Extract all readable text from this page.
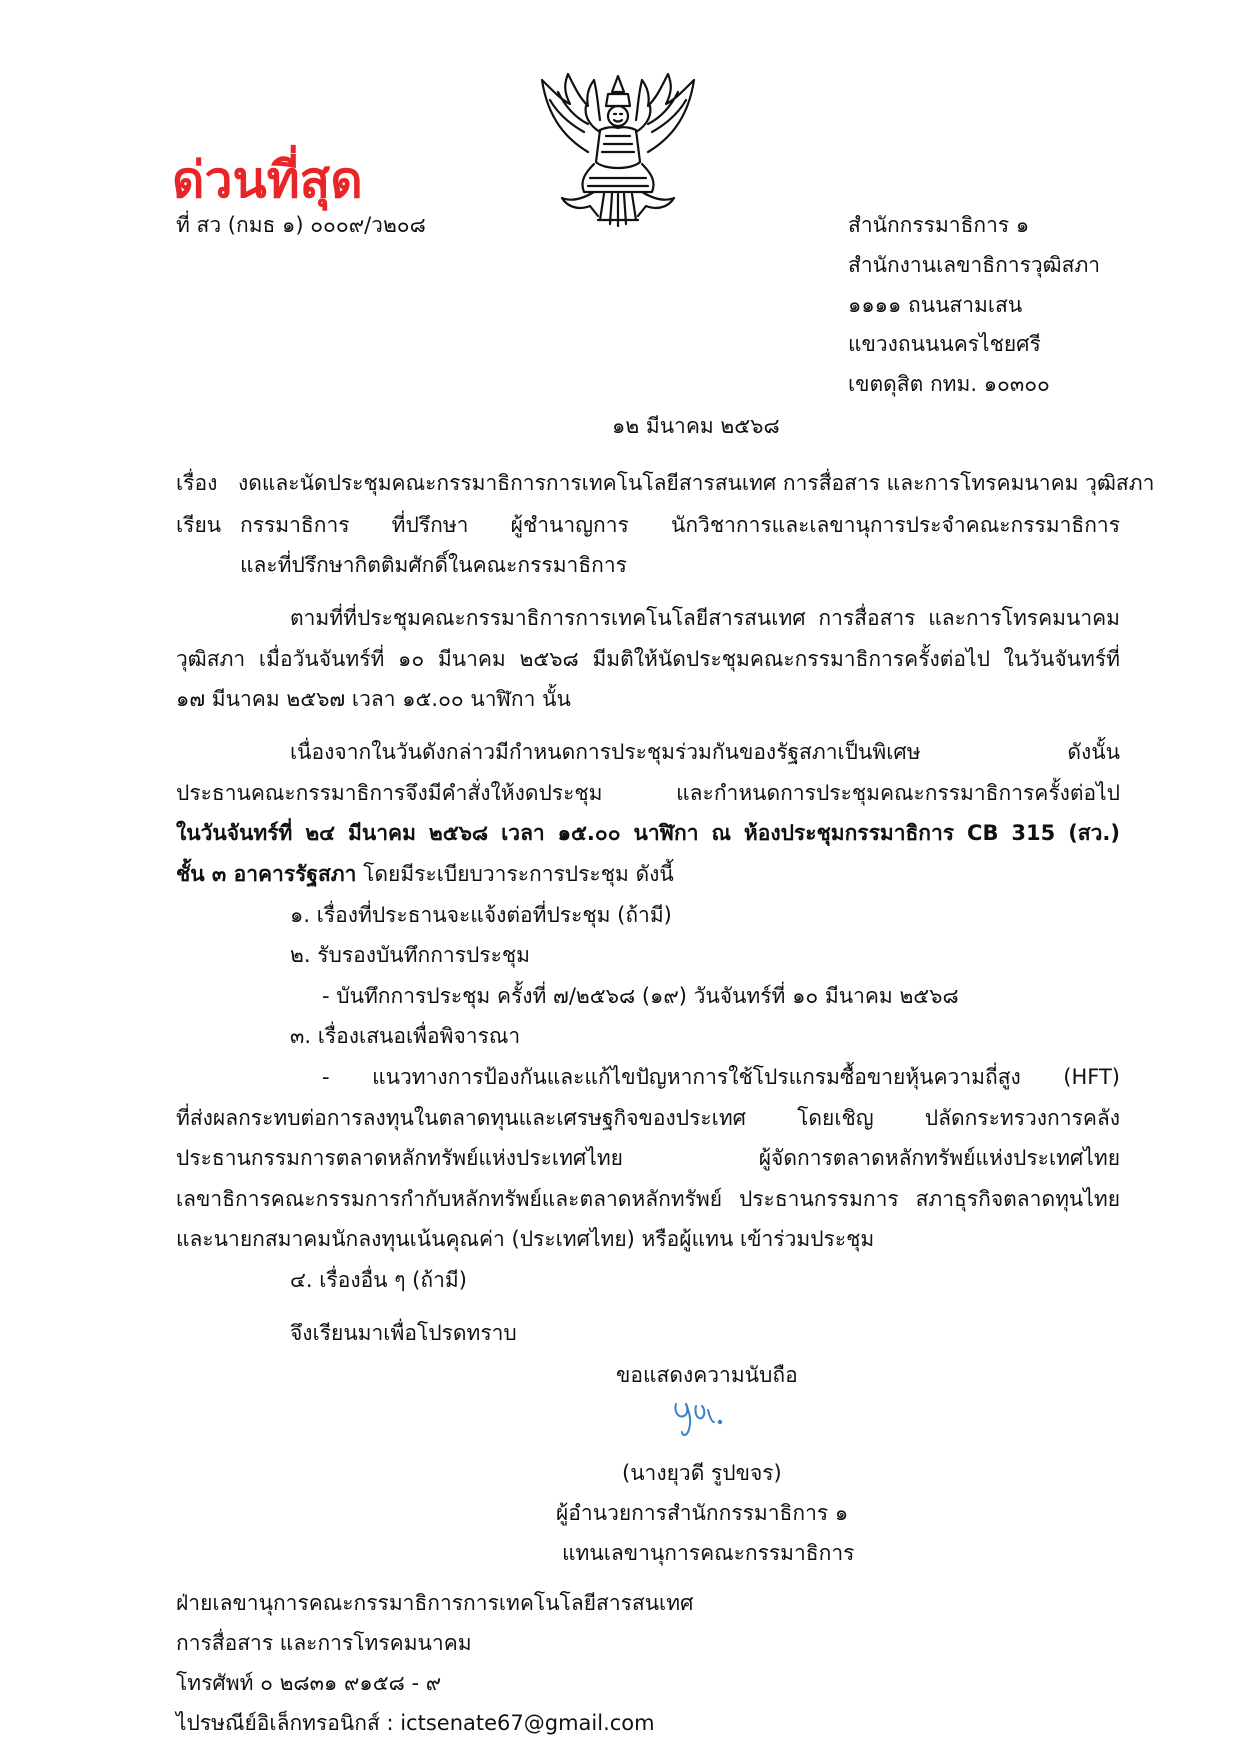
ด่วนที่สุด
ที่ สว (กมธ ๑) ๐๐๐๙/ว๒๐๘	สำนักกรรมาธิการ ๑
สำนักงานเลขาธิการวุฒิสภา
๑๑๑๑ ถนนสามเสน
แขวงถนนนครไชยศรี
เขตดุสิต กทม. ๑๐๓๐๐
๑๒ มีนาคม ๒๕๖๘
เรื่อง งดและนัดประชุมคณะกรรมาธิการการเทคโนโลยีสารสนเทศ การสื่อสาร และการโทรคมนาคม วุฒิสภา
เรียน กรรมาธิการ ที่ปรึกษา ผู้ชำนาญการ นักวิชาการและเลขานุการประจำคณะกรรมาธิการ
และที่ปรึกษากิตติมศักดิ์ในคณะกรรมาธิการ
ตามที่ที่ประชุมคณะกรรมาธิการการเทคโนโลยีสารสนเทศ การสื่อสาร และการโทรคมนาคม
วุฒิสภา เมื่อวันจันทร์ที่ ๑๐ มีนาคม ๒๕๖๘ มีมติให้นัดประชุมคณะกรรมาธิการครั้งต่อไป ในวันจันทร์ที่
๑๗ มีนาคม ๒๕๖๗ เวลา ๑๕.๐๐ นาฬิกา นั้น
เนื่องจากในวันดังกล่าวมีกำหนดการประชุมร่วมกันของรัฐสภาเป็นพิเศษ ดังนั้น
ประธานคณะกรรมาธิการจึงมีคำสั่งให้งดประชุม และกำหนดการประชุมคณะกรรมาธิการครั้งต่อไป
ในวันจันทร์ที่ ๒๔ มีนาคม ๒๕๖๘ เวลา ๑๕.๐๐ นาฬิกา ณ ห้องประชุมกรรมาธิการ CB 315 (สว.)
ชั้น ๓ อาคารรัฐสภา โดยมีระเบียบวาระการประชุม ดังนี้
๑. เรื่องที่ประธานจะแจ้งต่อที่ประชุม (ถ้ามี)
๒. รับรองบันทึกการประชุม
- บันทึกการประชุม ครั้งที่ ๗/๒๕๖๘ (๑๙) วันจันทร์ที่ ๑๐ มีนาคม ๒๕๖๘
๓. เรื่องเสนอเพื่อพิจารณา
- แนวทางการป้องกันและแก้ไขปัญหาการใช้โปรแกรมซื้อขายหุ้นความถี่สูง (HFT)
ที่ส่งผลกระทบต่อการลงทุนในตลาดทุนและเศรษฐกิจของประเทศ โดยเชิญ ปลัดกระทรวงการคลัง
ประธานกรรมการตลาดหลักทรัพย์แห่งประเทศไทย ผู้จัดการตลาดหลักทรัพย์แห่งประเทศไทย
เลขาธิการคณะกรรมการกำกับหลักทรัพย์และตลาดหลักทรัพย์ ประธานกรรมการ สภาธุรกิจตลาดทุนไทย
และนายกสมาคมนักลงทุนเน้นคุณค่า (ประเทศไทย) หรือผู้แทน เข้าร่วมประชุม
๔. เรื่องอื่น ๆ (ถ้ามี)
จึงเรียนมาเพื่อโปรดทราบ
ขอแสดงความนับถือ
(นางยุวดี รูปขจร)
ผู้อำนวยการสำนักกรรมาธิการ ๑
แทนเลขานุการคณะกรรมาธิการ
ฝ่ายเลขานุการคณะกรรมาธิการการเทคโนโลยีสารสนเทศ
การสื่อสาร และการโทรคมนาคม
โทรศัพท์ ๐ ๒๘๓๑ ๙๑๕๘ - ๙
ไปรษณีย์อิเล็กทรอนิกส์ : ictsenate67@gmail.com
